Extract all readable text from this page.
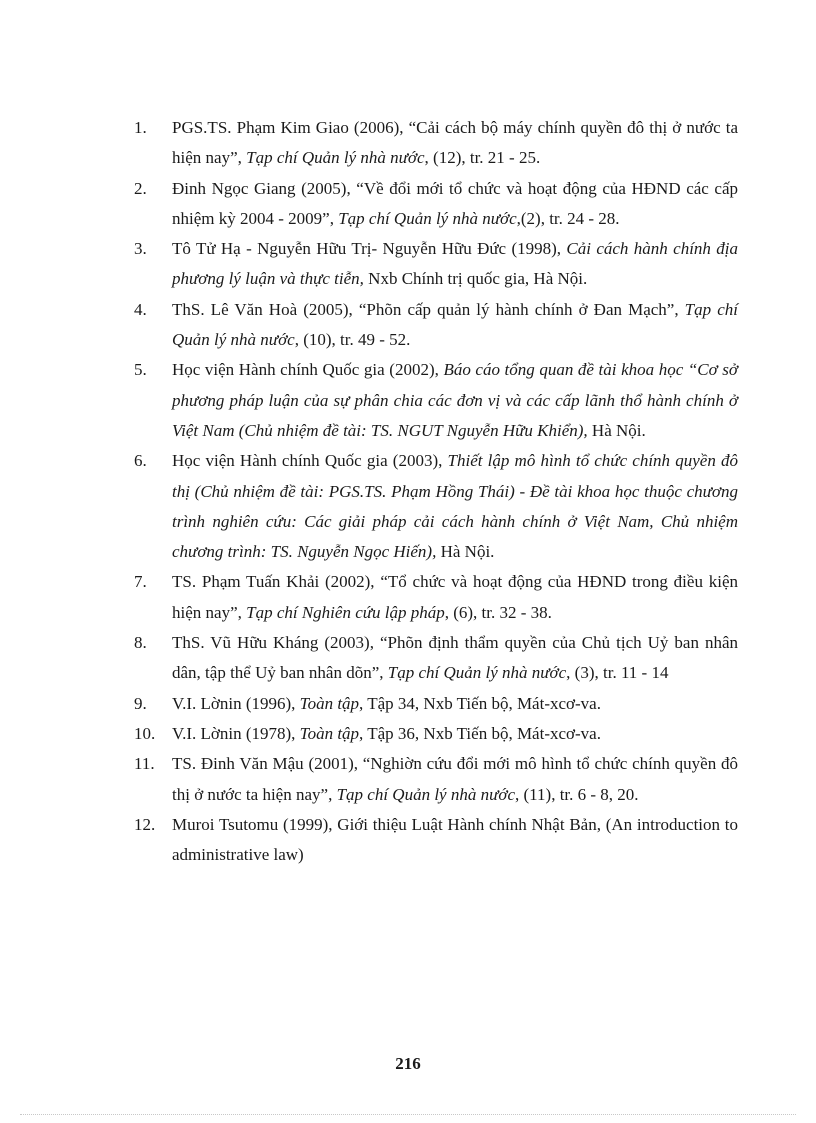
1.	PGS.TS. Phạm Kim Giao (2006), “Cải cách bộ máy chính quyền đô thị ở nước ta hiện nay”, Tạp chí Quản lý nhà nước, (12), tr. 21 - 25.
2.	Đinh Ngọc Giang (2005), “Về đổi mới tổ chức và hoạt động của HĐND các cấp nhiệm kỳ 2004 - 2009”, Tạp chí Quản lý nhà nước,(2), tr. 24 - 28.
3.	Tô Tử Hạ - Nguyễn Hữu Trị- Nguyễn Hữu Đức (1998), Cải cách hành chính địa phương lý luận và thực tiễn, Nxb Chính trị quốc gia, Hà Nội.
4.	ThS. Lê Văn Hoà (2005), “Phõn cấp quản lý hành chính ở Đan Mạch”, Tạp chí Quản lý nhà nước, (10), tr. 49 - 52.
5.	Học viện Hành chính Quốc gia (2002), Báo cáo tổng quan đề tài khoa học “Cơ sở phương pháp luận của sự phân chia các đơn vị và các cấp lãnh thổ hành chính ở Việt Nam (Chủ nhiệm đề tài: TS. NGUT Nguyễn Hữu Khiển), Hà Nội.
6.	Học viện Hành chính Quốc gia (2003), Thiết lập mô hình tổ chức chính quyền đô thị (Chủ nhiệm đề tài: PGS.TS. Phạm Hồng Thái) - Đề tài khoa học thuộc chương trình nghiên cứu: Các giải pháp cải cách hành chính ở Việt Nam, Chủ nhiệm chương trình: TS. Nguyễn Ngọc Hiến), Hà Nội.
7.	TS. Phạm Tuấn Khải (2002), “Tổ chức và hoạt động của HĐND trong điều kiện hiện nay”, Tạp chí Nghiên cứu lập pháp, (6), tr. 32 - 38.
8.	ThS. Vũ Hữu Kháng (2003), “Phõn định thẩm quyền của Chủ tịch Uỷ ban nhân dân, tập thể Uỷ ban nhân dõn”, Tạp chí Quản lý nhà nước, (3), tr. 11 - 14
9.	V.I. Lờnin (1996), Toàn tập, Tập 34, Nxb Tiến bộ, Mát-xcơ-va.
10. V.I. Lờnin (1978), Toàn tập, Tập 36, Nxb Tiến bộ, Mát-xcơ-va.
11.	TS. Đinh Văn Mậu (2001), “Nghiờn cứu đổi mới mô hình tổ chức chính quyền đô thị ở nước ta hiện nay”, Tạp chí Quản lý nhà nước, (11), tr. 6 - 8, 20.
12. Muroi Tsutomu (1999), Giới thiệu Luật Hành chính Nhật Bản, (An introduction to administrative law)
216
